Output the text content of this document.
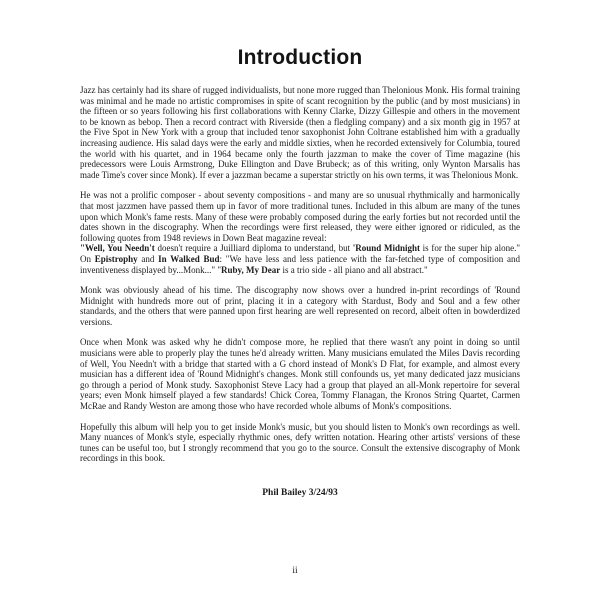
Introduction

Jazz has certainly had its share of rugged individualists, but none more rugged than Thelonious Monk. His formal training was minimal and he made no artistic compromises in spite of scant recognition by the public (and by most musicians) in the fifteen or so years following his first collaborations with Kenny Clarke, Dizzy Gillespie and others in the movement to be known as bebop. Then a record contract with Riverside (then a fledgling company) and a six month gig in 1957 at the Five Spot in New York with a group that included tenor saxophonist John Coltrane established him with a gradually increasing audience. His salad days were the early and middle sixties, when he recorded extensively for Columbia, toured the world with his quartet, and in 1964 became only the fourth jazzman to make the cover of Time magazine (his predecessors were Louis Armstrong, Duke Ellington and Dave Brubeck; as of this writing, only Wynton Marsalis has made Time's cover since Monk). If ever a jazzman became a superstar strictly on his own terms, it was Thelonious Monk.

He was not a prolific composer - about seventy compositions - and many are so unusual rhythmically and harmonically that most jazzmen have passed them up in favor of more traditional tunes. Included in this album are many of the tunes upon which Monk's fame rests. Many of these were probably composed during the early forties but not recorded until the dates shown in the discography. When the recordings were first released, they were either ignored or ridiculed, as the following quotes from 1948 reviews in Down Beat magazine reveal:
"Well, You Needn't doesn't require a Juilliard diploma to understand, but 'Round Midnight is for the super hip alone." On Epistrophy and In Walked Bud: "We have less and less patience with the far-fetched type of composition and inventiveness displayed by...Monk..." "Ruby, My Dear is a trio side - all piano and all abstract."

Monk was obviously ahead of his time. The discography now shows over a hundred in-print recordings of 'Round Midnight with hundreds more out of print, placing it in a category with Stardust, Body and Soul and a few other standards, and the others that were panned upon first hearing are well represented on record, albeit often in bowderdized versions.

Once when Monk was asked why he didn't compose more, he replied that there wasn't any point in doing so until musicians were able to properly play the tunes he'd already written. Many musicians emulated the Miles Davis recording of Well, You Needn't with a bridge that started with a G chord instead of Monk's D Flat, for example, and almost every musician has a different idea of 'Round Midnight's changes. Monk still confounds us, yet many dedicated jazz musicians go through a period of Monk study. Saxophonist Steve Lacy had a group that played an all-Monk repertoire for several years; even Monk himself played a few standards! Chick Corea, Tommy Flanagan, the Kronos String Quartet, Carmen McRae and Randy Weston are among those who have recorded whole albums of Monk's compositions.

Hopefully this album will help you to get inside Monk's music, but you should listen to Monk's own recordings as well. Many nuances of Monk's style, especially rhythmic ones, defy written notation. Hearing other artists' versions of these tunes can be useful too, but I strongly recommend that you go to the source. Consult the extensive discography of Monk recordings in this book.

Phil Bailey 3/24/93
ii
